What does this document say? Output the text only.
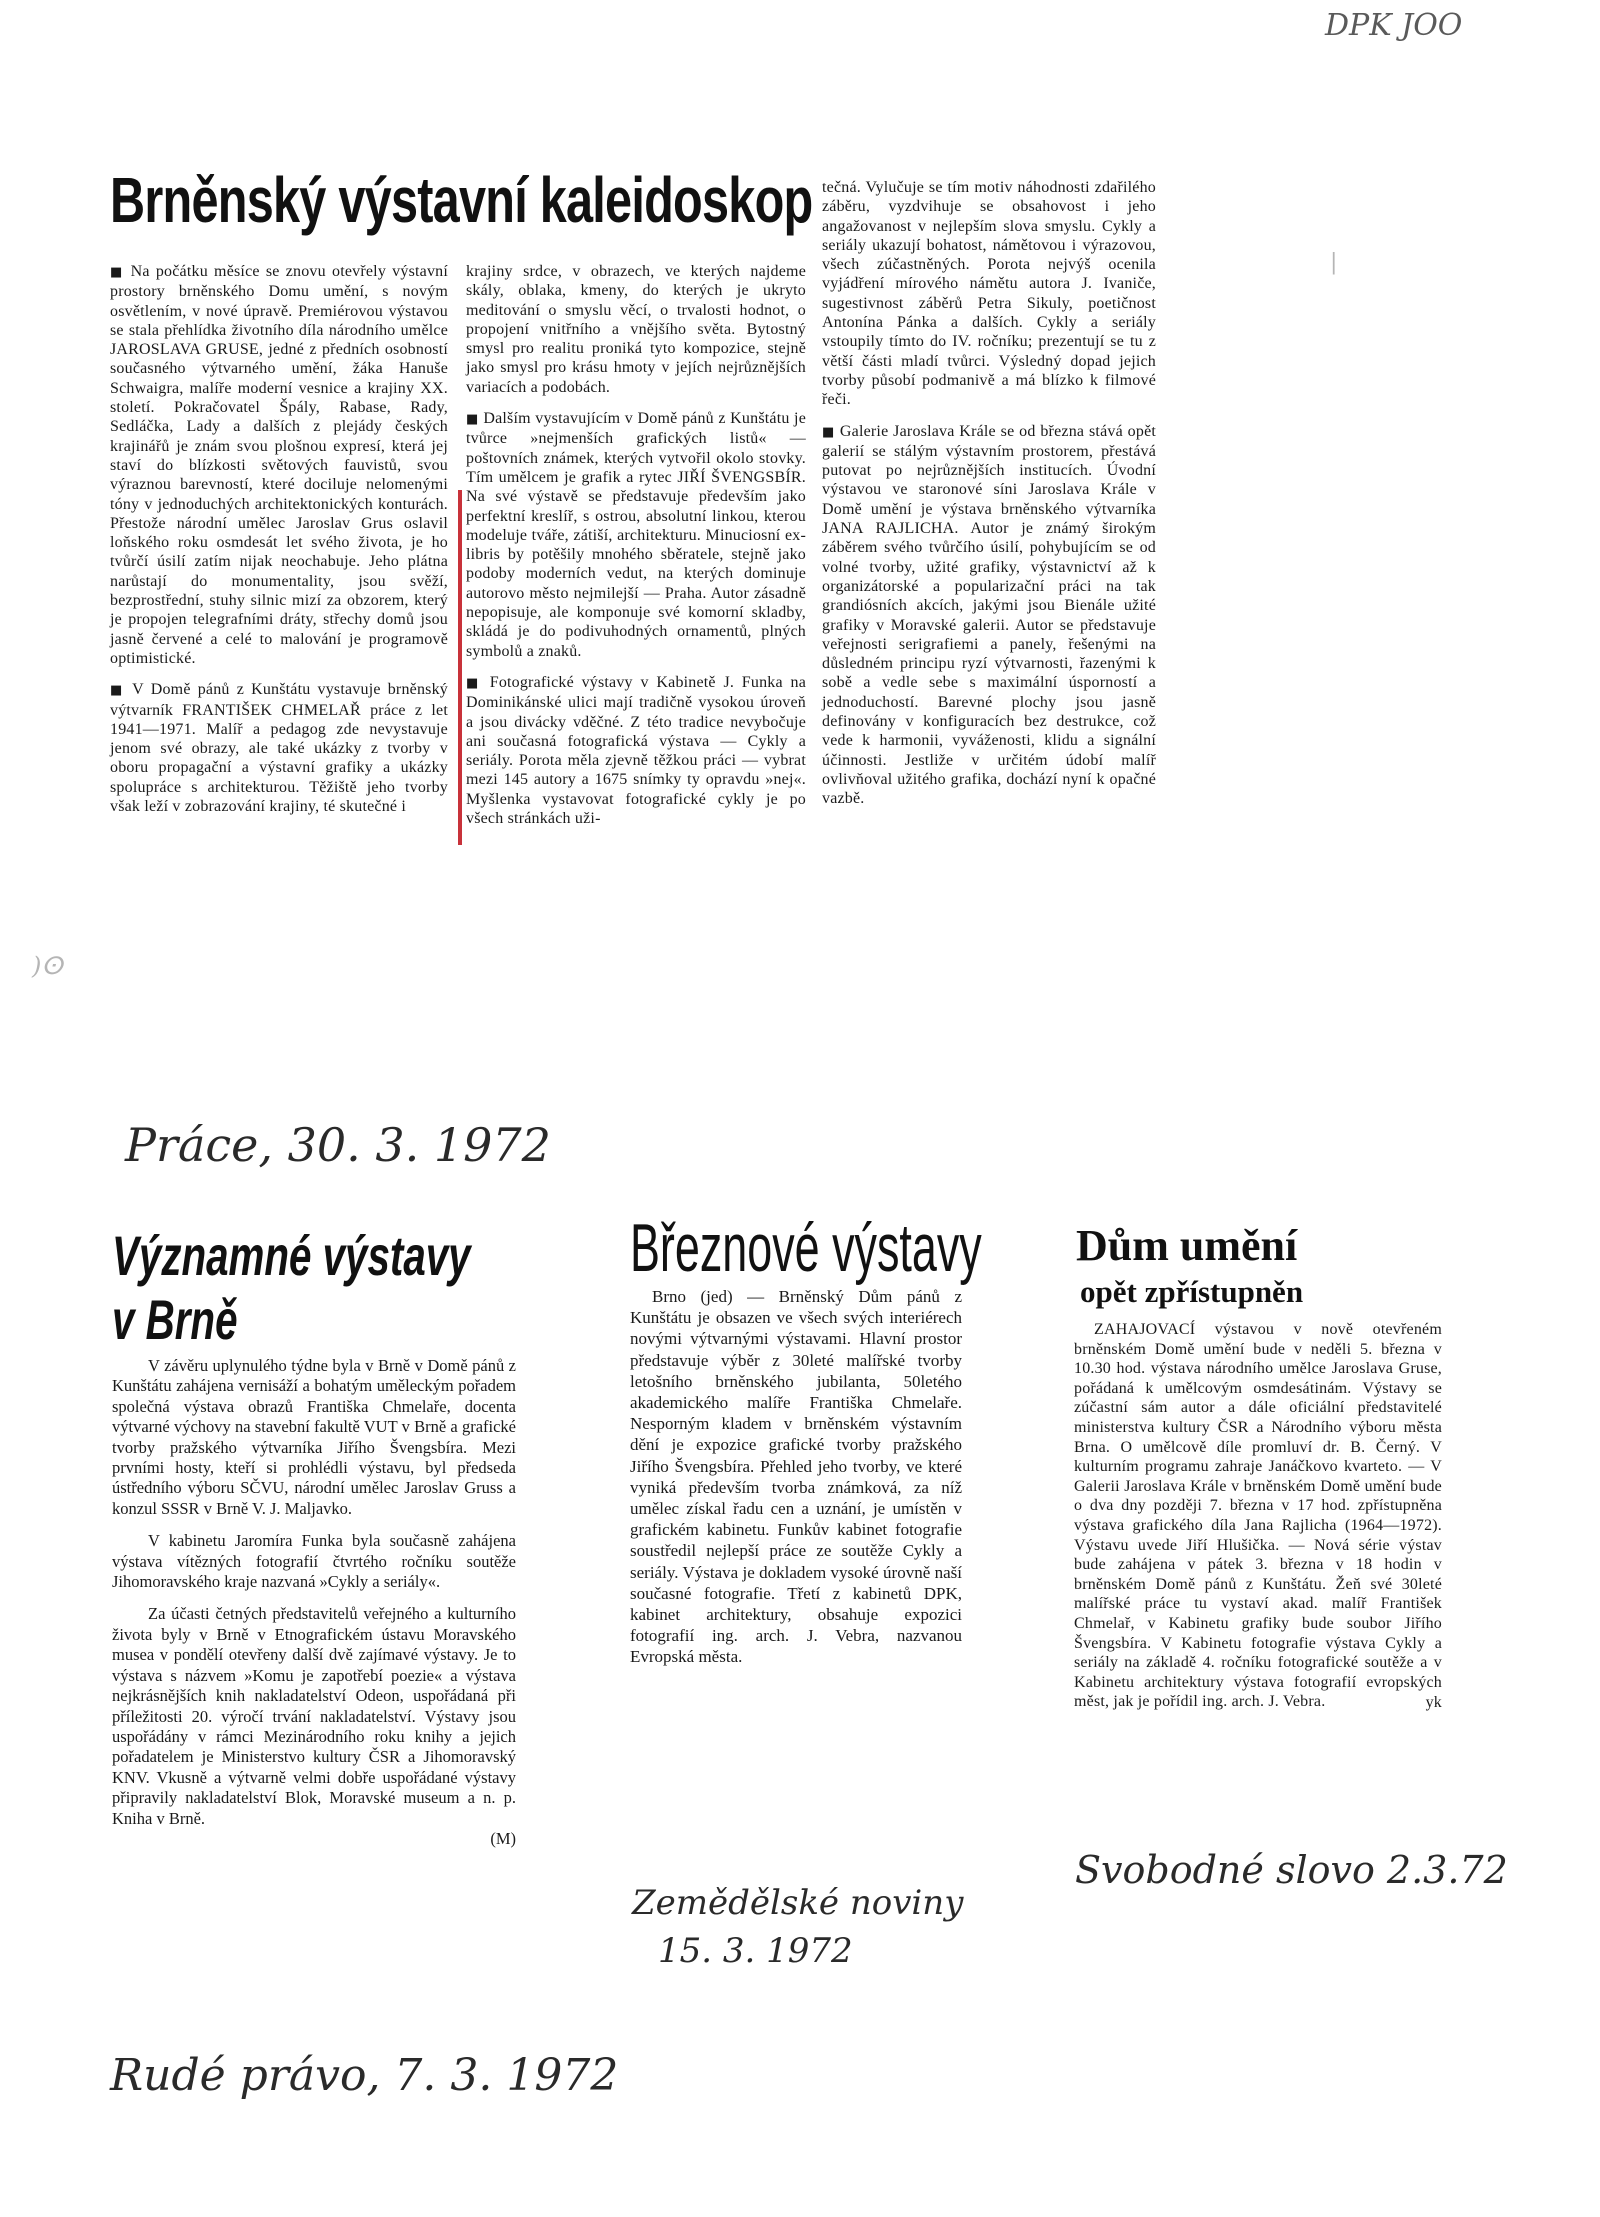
DPK JOO
Brněnský výstavní kaleidoskop

■ Na počátku měsíce se znovu otevřely výstavní prostory brněnského Domu umění, s novým osvětlením, v nové úpravě. Premiérovou výstavou se stala přehlídka životního díla národního umělce JAROSLAVA GRUSE, jedné z předních osobností současného výtvarného umění, žáka Hanuše Schwaigra, malíře moderní vesnice a krajiny XX. století. Pokračovatel Špály, Rabase, Rady, Sedláčka, Lady a dalších z plejády českých krajinářů je znám svou plošnou expresí, která jej staví do blízkosti světových fauvistů, svou výraznou barevností, které dociluje nelomenými tóny v jednoduchých architektonických konturách. Přestože národní umělec Jaroslav Grus oslavil loňského roku osmdesát let svého života, je ho tvůrčí úsilí zatím nijak neochabuje. Jeho plátna narůstají do monumentality, jsou svěží, bezprostřední, stuhy silnic mizí za obzorem, který je propojen telegrafními dráty, střechy domů jsou jasně červené a celé to malování je programově optimistické.

■ V Domě pánů z Kunštátu vystavuje brněnský výtvarník FRANTIŠEK CHMELAŘ práce z let 1941—1971. Malíř a pedagog zde nevystavuje jenom své obrazy, ale také ukázky z tvorby v oboru propagační a výstavní grafiky a ukázky spolupráce s architekturou. Těžiště jeho tvorby však leží v zobrazování krajiny, té skutečné i

krajiny srdce, v obrazech, ve kterých najdeme skály, oblaka, kmeny, do kterých je ukryto meditování o smyslu věcí, o trvalosti hodnot, o propojení vnitřního a vnějšího světa. Bytostný smysl pro realitu proniká tyto kompozice, stejně jako smysl pro krásu hmoty v jejích nejrůznějších variacích a podobách.

■ Dalším vystavujícím v Domě pánů z Kunštátu je tvůrce »nejmenších grafických listů« — poštovních známek, kterých vytvořil okolo stovky. Tím umělcem je grafik a rytec JIŘÍ ŠVENGSBÍR. Na své výstavě se představuje především jako perfektní kreslíř, s ostrou, absolutní linkou, kterou modeluje tváře, zátiší, architekturu. Minuciosní ex-libris by potěšily mnohého sběratele, stejně jako podoby moderních vedut, na kterých dominuje autorovo město nejmilejší — Praha. Autor zásadně nepopisuje, ale komponuje své komorní skladby, skládá je do podivuhodných ornamentů, plných symbolů a znaků.

■ Fotografické výstavy v Kabinetě J. Funka na Dominikánské ulici mají tradičně vysokou úroveň a jsou divácky vděčné. Z této tradice nevybočuje ani současná fotografická výstava — Cykly a seriály. Porota měla zjevně těžkou práci — vybrat mezi 145 autory a 1675 snímky ty opravdu »nej«. Myšlenka vystavovat fotografické cykly je po všech stránkách uži-

tečná. Vylučuje se tím motiv náhodnosti zdařilého záběru, vyzdvihuje se obsahovost i jeho angažovanost v nejlepším slova smyslu. Cykly a seriály ukazují bohatost, námětovou i výrazovou, všech zúčastněných. Porota nejvýš ocenila vyjádření mírového námětu autora J. Ivaniče, sugestivnost záběrů Petra Sikuly, poetičnost Antonína Pánka a dalších. Cykly a seriály vstoupily tímto do IV. ročníku; prezentují se tu z větší části mladí tvůrci. Výsledný dopad jejich tvorby působí podmanivě a má blízko k filmové řeči.

■ Galerie Jaroslava Krále se od března stává opět galerií se stálým výstavním prostorem, přestává putovat po nejrůznějších institucích. Úvodní výstavou ve staronové síni Jaroslava Krále v Domě umění je výstava brněnského výtvarníka JANA RAJLICHA. Autor je známý širokým záběrem svého tvůrčího úsilí, pohybujícím se od volné tvorby, užité grafiky, výstavnictví až k organizátorské a popularizační práci na tak grandiósních akcích, jakými jsou Bienále užité grafiky v Moravské galerii. Autor se představuje veřejnosti serigrafiemi a panely, řešenými na důsledném principu ryzí výtvarnosti, řazenými k sobě a vedle sebe s maximální úsporností a jednoduchostí. Barevné plochy jsou jasně definovány v konfiguracích bez destrukce, což vede k harmonii, vyváženosti, klidu a signální účinnosti. Jestliže v určitém údobí malíř ovlivňoval užitého grafika, dochází nyní k opačné vazbě.

Práce, 30. 3. 1972
Významné výstavy
v Brně

V závěru uplynulého týdne byla v Brně v Domě pánů z Kunštátu zahájena vernisáží a bohatým uměleckým pořadem společná výstava obrazů Františka Chmelaře, docenta výtvarné výchovy na stavební fakultě VUT v Brně a grafické tvorby pražského výtvarníka Jiřího Švengsbíra. Mezi prvními hosty, kteří si prohlédli výstavu, byl předseda ústředního výboru SČVU, národní umělec Jaroslav Gruss a konzul SSSR v Brně V. J. Maljavko.

V kabinetu Jaromíra Funka byla současně zahájena výstava vítězných fotografií čtvrtého ročníku soutěže Jihomoravského kraje nazvaná »Cykly a seriály«.

Za účasti četných představitelů veřejného a kulturního života byly v Brně v Etnografickém ústavu Moravského musea v pondělí otevřeny další dvě zajímavé výstavy. Je to výstava s názvem »Komu je zapotřebí poezie« a výstava nejkrásnějších knih nakladatelství Odeon, uspořádaná při příležitosti 20. výročí trvání nakladatelství. Výstavy jsou uspořádány v rámci Mezinárodního roku knihy a jejich pořadatelem je Ministerstvo kultury ČSR a Jihomoravský KNV. Vkusně a výtvarně velmi dobře uspořádané výstavy připravily nakladatelství Blok, Moravské museum a n. p. Kniha v Brně.

(M)
Rudé právo, 7. 3. 1972
Březnové výstavy

Brno (jed) — Brněnský Dům pánů z Kunštátu je obsazen ve všech svých interiérech novými výtvarnými výstavami. Hlavní prostor představuje výběr z 30leté malířské tvorby letošního brněnského jubilanta, 50letého akademického malíře Františka Chmelaře. Nesporným kladem v brněnském výstavním dění je expozice grafické tvorby pražského Jiřího Švengsbíra. Přehled jeho tvorby, ve které vyniká především tvorba známková, za níž umělec získal řadu cen a uznání, je umístěn v grafickém kabinetu. Funkův kabinet fotografie soustředil nejlepší práce ze soutěže Cykly a seriály. Výstava je dokladem vysoké úrovně naší současné fotografie. Třetí z kabinetů DPK, kabinet architektury, obsahuje expozici fotografií ing. arch. J. Vebra, nazvanou Evropská města.

Zemědělské noviny
15. 3. 1972
Dům umění
opět zpřístupněn

ZAHAJOVACÍ výstavou v nově otevřeném brněnském Domě umění bude v neděli 5. března v 10.30 hod. výstava národního umělce Jaroslava Gruse, pořádaná k umělcovým osmdesátinám. Výstavy se zúčastní sám autor a dále oficiální představitelé ministerstva kultury ČSR a Národního výboru města Brna. O umělcově díle promluví dr. B. Černý. V kulturním programu zahraje Janáčkovo kvarteto. — V Galerii Jaroslava Krále v brněnském Domě umění bude o dva dny později 7. března v 17 hod. zpřístupněna výstava grafického díla Jana Rajlicha (1964—1972). Výstavu uvede Jiří Hlušička. — Nová série výstav bude zahájena v pátek 3. března v 18 hodin v brněnském Domě pánů z Kunštátu. Žeň své 30leté malířské práce tu vystaví akad. malíř František Chmelař, v Kabinetu grafiky bude soubor Jiřího Švengsbíra. V Kabinetu fotografie výstava Cykly a seriály na základě 4. ročníku fotografické soutěže a v Kabinetu architektury výstava fotografií evropských měst, jak je pořídil ing. arch. J. Vebra.	yk
Svobodné slovo 2.3.72
)ⵙ
|
